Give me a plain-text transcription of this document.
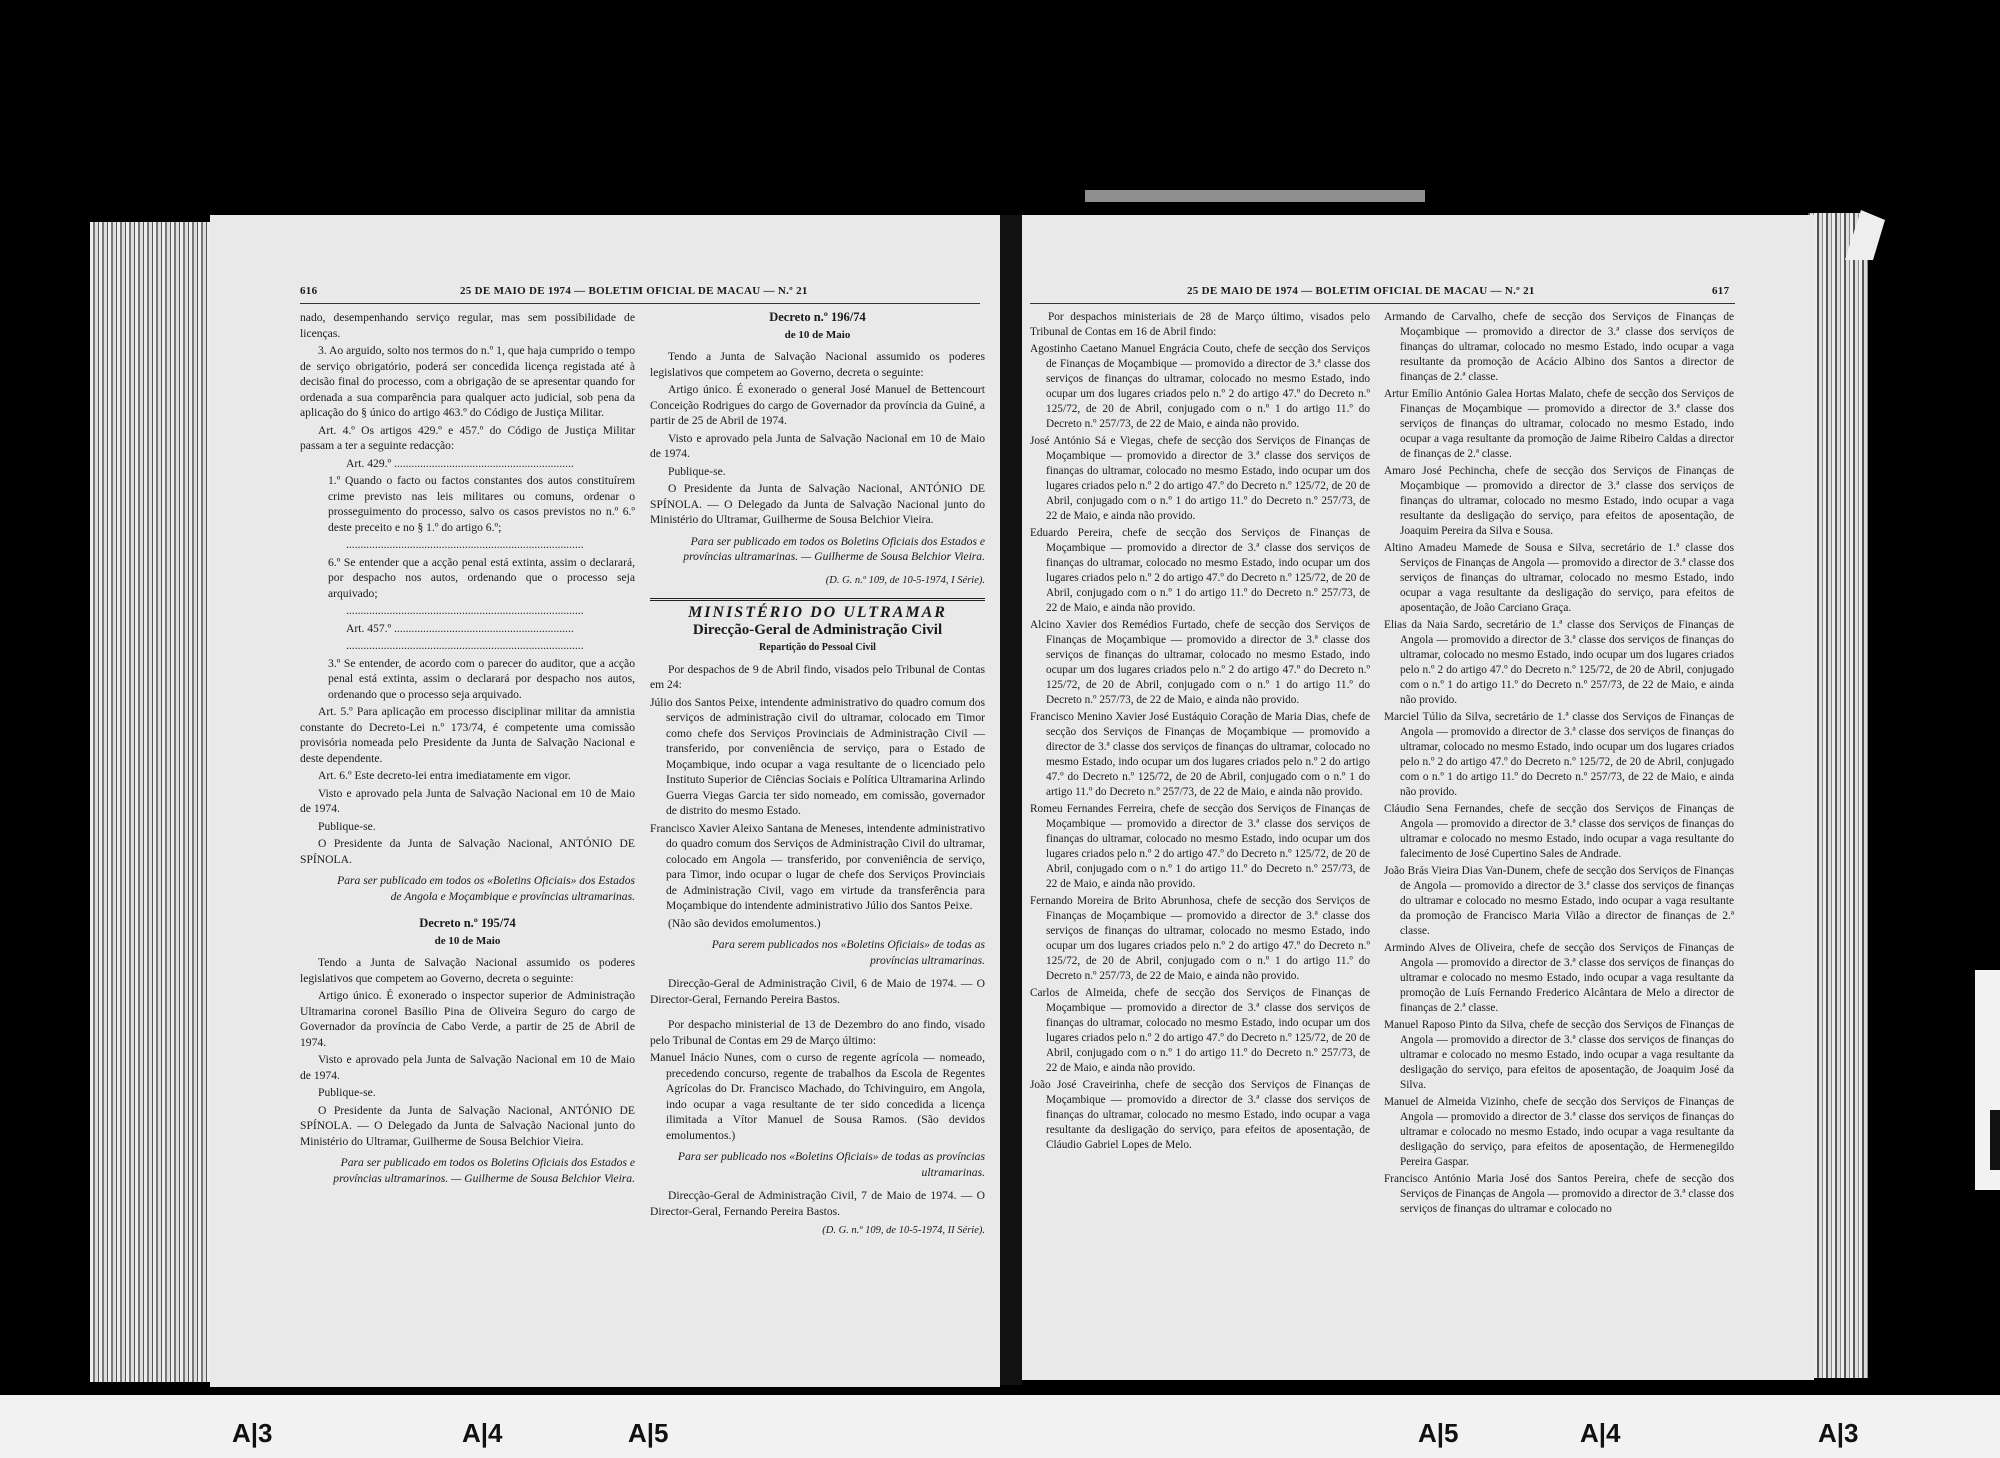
616	25 DE MAIO DE 1974 — BOLETIM OFICIAL DE MACAU — N.º 21

nado, desempenhando serviço regular, mas sem possibilidade de licenças.

3. Ao arguido, solto nos termos do n.º 1, que haja cumprido o tempo de serviço obrigatório, poderá ser concedida licença registada até à decisão final do processo, com a obrigação de se apresentar quando for ordenada a sua comparência para qualquer acto judicial, sob pena da aplicação do § único do artigo 463.º do Código de Justiça Militar.

Art. 4.º Os artigos 429.º e 457.º do Código de Justiça Militar passam a ter a seguinte redacção:

Art. 429.º ..............................................................

1.º Quando o facto ou factos constantes dos autos constituírem crime previsto nas leis militares ou comuns, ordenar o prosseguimento do processo, salvo os casos previstos no n.º 6.º deste preceito e no § 1.º do artigo 6.º;

..................................................................................

6.º Se entender que a acção penal está extinta, assim o declarará, por despacho nos autos, ordenando que o processo seja arquivado;

..................................................................................

Art. 457.º ..............................................................

..................................................................................

3.º Se entender, de acordo com o parecer do auditor, que a acção penal está extinta, assim o declarará por despacho nos autos, ordenando que o processo seja arquivado.

Art. 5.º Para aplicação em processo disciplinar militar da amnistia constante do Decreto-Lei n.º 173/74, é competente uma comissão provisória nomeada pelo Presidente da Junta de Salvação Nacional e deste dependente.

Art. 6.º Este decreto-lei entra imediatamente em vigor.

Visto e aprovado pela Junta de Salvação Nacional em 10 de Maio de 1974.

Publique-se.

O Presidente da Junta de Salvação Nacional, ANTÓNIO DE SPÍNOLA.

Para ser publicado em todos os «Boletins Oficiais» dos Estados de Angola e Moçambique e províncias ultramarinas.

Decreto n.º 195/74
de 10 de Maio

Tendo a Junta de Salvação Nacional assumido os poderes legislativos que competem ao Governo, decreta o seguinte:

Artigo único. É exonerado o inspector superior de Administração Ultramarina coronel Basílio Pina de Oliveira Seguro do cargo de Governador da província de Cabo Verde, a partir de 25 de Abril de 1974.

Visto e aprovado pela Junta de Salvação Nacional em 10 de Maio de 1974.

Publique-se.

O Presidente da Junta de Salvação Nacional, ANTÓNIO DE SPÍNOLA. — O Delegado da Junta de Salvação Nacional junto do Ministério do Ultramar, Guilherme de Sousa Belchior Vieira.

Para ser publicado em todos os Boletins Oficiais dos Estados e províncias ultramarinos. — Guilherme de Sousa Belchior Vieira.

Decreto n.º 196/74
de 10 de Maio

Tendo a Junta de Salvação Nacional assumido os poderes legislativos que competem ao Governo, decreta o seguinte:

Artigo único. É exonerado o general José Manuel de Bettencourt Conceição Rodrigues do cargo de Governador da província da Guiné, a partir de 25 de Abril de 1974.

Visto e aprovado pela Junta de Salvação Nacional em 10 de Maio de 1974.

Publique-se.

O Presidente da Junta de Salvação Nacional, ANTÓNIO DE SPÍNOLA. — O Delegado da Junta de Salvação Nacional junto do Ministério do Ultramar, Guilherme de Sousa Belchior Vieira.

Para ser publicado em todos os Boletins Oficiais dos Estados e províncias ultramarinas. — Guilherme de Sousa Belchior Vieira.

(D. G. n.º 109, de 10-5-1974, I Série).
MINISTÉRIO DO ULTRAMAR
Direcção-Geral de Administração Civil
Repartição do Pessoal Civil

Por despachos de 9 de Abril findo, visados pelo Tribunal de Contas em 24:

Júlio dos Santos Peixe, intendente administrativo do quadro comum dos serviços de administração civil do ultramar, colocado em Timor como chefe dos Serviços Provinciais de Administração Civil — transferido, por conveniência de serviço, para o Estado de Moçambique, indo ocupar a vaga resultante de o licenciado pelo Instituto Superior de Ciências Sociais e Política Ultramarina Arlindo Guerra Viegas Garcia ter sido nomeado, em comissão, governador de distrito do mesmo Estado.

Francisco Xavier Aleixo Santana de Meneses, intendente administrativo do quadro comum dos Serviços de Administração Civil do ultramar, colocado em Angola — transferido, por conveniência de serviço, para Timor, indo ocupar o lugar de chefe dos Serviços Provinciais de Administração Civil, vago em virtude da transferência para Moçambique do intendente administrativo Júlio dos Santos Peixe.

(Não são devidos emolumentos.)

Para serem publicados nos «Boletins Oficiais» de todas as províncias ultramarinas.

Direcção-Geral de Administração Civil, 6 de Maio de 1974. — O Director-Geral, Fernando Pereira Bastos.

Por despacho ministerial de 13 de Dezembro do ano findo, visado pelo Tribunal de Contas em 29 de Março último:

Manuel Inácio Nunes, com o curso de regente agrícola — nomeado, precedendo concurso, regente de trabalhos da Escola de Regentes Agrícolas do Dr. Francisco Machado, do Tchivinguiro, em Angola, indo ocupar a vaga resultante de ter sido concedida a licença ilimitada a Vítor Manuel de Sousa Ramos. (São devidos emolumentos.)

Para ser publicado nos «Boletins Oficiais» de todas as províncias ultramarinas.

Direcção-Geral de Administração Civil, 7 de Maio de 1974. — O Director-Geral, Fernando Pereira Bastos.

(D. G. n.º 109, de 10-5-1974, II Série).
25 DE MAIO DE 1974 — BOLETIM OFICIAL DE MACAU — N.º 21	617

Por despachos ministeriais de 28 de Março último, visados pelo Tribunal de Contas em 16 de Abril findo:

Agostinho Caetano Manuel Engrácia Couto, chefe de secção dos Serviços de Finanças de Moçambique — promovido a director de 3.ª classe dos serviços de finanças do ultramar, colocado no mesmo Estado, indo ocupar um dos lugares criados pelo n.º 2 do artigo 47.º do Decreto n.º 125/72, de 20 de Abril, conjugado com o n.º 1 do artigo 11.º do Decreto n.º 257/73, de 22 de Maio, e ainda não provido.

José António Sá e Viegas, chefe de secção dos Serviços de Finanças de Moçambique — promovido a director de 3.ª classe dos serviços de finanças do ultramar, colocado no mesmo Estado, indo ocupar um dos lugares criados pelo n.º 2 do artigo 47.º do Decreto n.º 125/72, de 20 de Abril, conjugado com o n.º 1 do artigo 11.º do Decreto n.º 257/73, de 22 de Maio, e ainda não provido.

Eduardo Pereira, chefe de secção dos Serviços de Finanças de Moçambique — promovido a director de 3.ª classe dos serviços de finanças do ultramar, colocado no mesmo Estado, indo ocupar um dos lugares criados pelo n.º 2 do artigo 47.º do Decreto n.º 125/72, de 20 de Abril, conjugado com o n.º 1 do artigo 11.º do Decreto n.º 257/73, de 22 de Maio, e ainda não provido.

Alcino Xavier dos Remédios Furtado, chefe de secção dos Serviços de Finanças de Moçambique — promovido a director de 3.ª classe dos serviços de finanças do ultramar, colocado no mesmo Estado, indo ocupar um dos lugares criados pelo n.º 2 do artigo 47.º do Decreto n.º 125/72, de 20 de Abril, conjugado com o n.º 1 do artigo 11.º do Decreto n.º 257/73, de 22 de Maio, e ainda não provido.

Francisco Menino Xavier José Eustáquio Coração de Maria Dias, chefe de secção dos Serviços de Finanças de Moçambique — promovido a director de 3.ª classe dos serviços de finanças do ultramar, colocado no mesmo Estado, indo ocupar um dos lugares criados pelo n.º 2 do artigo 47.º do Decreto n.º 125/72, de 20 de Abril, conjugado com o n.º 1 do artigo 11.º do Decreto n.º 257/73, de 22 de Maio, e ainda não provido.

Romeu Fernandes Ferreira, chefe de secção dos Serviços de Finanças de Moçambique — promovido a director de 3.ª classe dos serviços de finanças do ultramar, colocado no mesmo Estado, indo ocupar um dos lugares criados pelo n.º 2 do artigo 47.º do Decreto n.º 125/72, de 20 de Abril, conjugado com o n.º 1 do artigo 11.º do Decreto n.º 257/73, de 22 de Maio, e ainda não provido.

Fernando Moreira de Brito Abrunhosa, chefe de secção dos Serviços de Finanças de Moçambique — promovido a director de 3.ª classe dos serviços de finanças do ultramar, colocado no mesmo Estado, indo ocupar um dos lugares criados pelo n.º 2 do artigo 47.º do Decreto n.º 125/72, de 20 de Abril, conjugado com o n.º 1 do artigo 11.º do Decreto n.º 257/73, de 22 de Maio, e ainda não provido.

Carlos de Almeida, chefe de secção dos Serviços de Finanças de Moçambique — promovido a director de 3.ª classe dos serviços de finanças do ultramar, colocado no mesmo Estado, indo ocupar um dos lugares criados pelo n.º 2 do artigo 47.º do Decreto n.º 125/72, de 20 de Abril, conjugado com o n.º 1 do artigo 11.º do Decreto n.º 257/73, de 22 de Maio, e ainda não provido.

João José Craveirinha, chefe de secção dos Serviços de Finanças de Moçambique — promovido a director de 3.ª classe dos serviços de finanças do ultramar, colocado no mesmo Estado, indo ocupar a vaga resultante da desligação do serviço, para efeitos de aposentação, de Cláudio Gabriel Lopes de Melo.

Armando de Carvalho, chefe de secção dos Serviços de Finanças de Moçambique — promovido a director de 3.ª classe dos serviços de finanças do ultramar, colocado no mesmo Estado, indo ocupar a vaga resultante da promoção de Acácio Albino dos Santos a director de finanças de 2.ª classe.

Artur Emílio António Galea Hortas Malato, chefe de secção dos Serviços de Finanças de Moçambique — promovido a director de 3.ª classe dos serviços de finanças do ultramar, colocado no mesmo Estado, indo ocupar a vaga resultante da promoção de Jaime Ribeiro Caldas a director de finanças de 2.ª classe.

Amaro José Pechincha, chefe de secção dos Serviços de Finanças de Moçambique — promovido a director de 3.ª classe dos serviços de finanças do ultramar, colocado no mesmo Estado, indo ocupar a vaga resultante da desligação do serviço, para efeitos de aposentação, de Joaquim Pereira da Silva e Sousa.

Altino Amadeu Mamede de Sousa e Silva, secretário de 1.ª classe dos Serviços de Finanças de Angola — promovido a director de 3.ª classe dos serviços de finanças do ultramar, colocado no mesmo Estado, indo ocupar a vaga resultante da desligação do serviço, para efeitos de aposentação, de João Carciano Graça.

Elias da Naia Sardo, secretário de 1.ª classe dos Serviços de Finanças de Angola — promovido a director de 3.ª classe dos serviços de finanças do ultramar, colocado no mesmo Estado, indo ocupar um dos lugares criados pelo n.º 2 do artigo 47.º do Decreto n.º 125/72, de 20 de Abril, conjugado com o n.º 1 do artigo 11.º do Decreto n.º 257/73, de 22 de Maio, e ainda não provido.

Marciel Túlio da Silva, secretário de 1.ª classe dos Serviços de Finanças de Angola — promovido a director de 3.ª classe dos serviços de finanças do ultramar, colocado no mesmo Estado, indo ocupar um dos lugares criados pelo n.º 2 do artigo 47.º do Decreto n.º 125/72, de 20 de Abril, conjugado com o n.º 1 do artigo 11.º do Decreto n.º 257/73, de 22 de Maio, e ainda não provido.

Cláudio Sena Fernandes, chefe de secção dos Serviços de Finanças de Angola — promovido a director de 3.ª classe dos serviços de finanças do ultramar e colocado no mesmo Estado, indo ocupar a vaga resultante do falecimento de José Cupertino Sales de Andrade.

João Brás Vieira Dias Van-Dunem, chefe de secção dos Serviços de Finanças de Angola — promovido a director de 3.ª classe dos serviços de finanças do ultramar e colocado no mesmo Estado, indo ocupar a vaga resultante da promoção de Francisco Maria Vilão a director de finanças de 2.ª classe.

Armindo Alves de Oliveira, chefe de secção dos Serviços de Finanças de Angola — promovido a director de 3.ª classe dos serviços de finanças do ultramar e colocado no mesmo Estado, indo ocupar a vaga resultante da promoção de Luís Fernando Frederico Alcântara de Melo a director de finanças de 2.ª classe.

Manuel Raposo Pinto da Silva, chefe de secção dos Serviços de Finanças de Angola — promovido a director de 3.ª classe dos serviços de finanças do ultramar e colocado no mesmo Estado, indo ocupar a vaga resultante da desligação do serviço, para efeitos de aposentação, de Joaquim José da Silva.

Manuel de Almeida Vizinho, chefe de secção dos Serviços de Finanças de Angola — promovido a director de 3.ª classe dos serviços de finanças do ultramar e colocado no mesmo Estado, indo ocupar a vaga resultante da desligação do serviço, para efeitos de aposentação, de Hermenegildo Pereira Gaspar.

Francisco António Maria José dos Santos Pereira, chefe de secção dos Serviços de Finanças de Angola — promovido a director de 3.ª classe dos serviços de finanças do ultramar e colocado no

A|3	A|4	A|5	A|5	A|4	A|3
